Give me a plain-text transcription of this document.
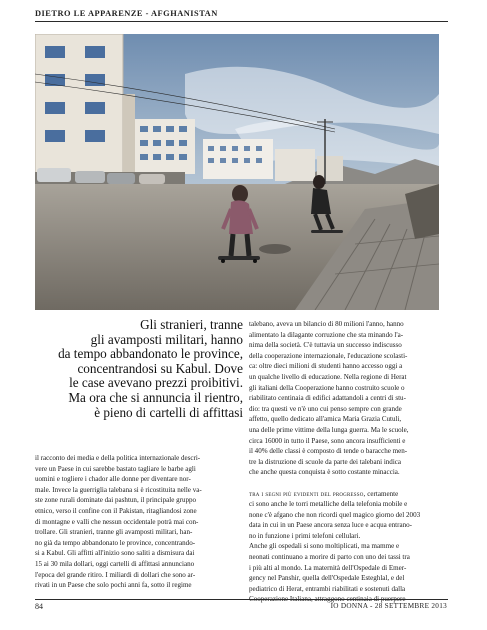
DIETRO LE APPARENZE - AFGHANISTAN

Gli stranieri, tranne

gli avamposti militari, hanno

da tempo abbandonato le province,

concentrandosi su Kabul. Dove

le case avevano prezzi proibitivi.

Ma ora che si annuncia il rientro,

è pieno di cartelli di affittasi

il racconto dei media e della politica internazionale descri-

vere un Paese in cui sarebbe bastato tagliare le barbe agli

uomini e togliere i chador alle donne per diventare nor-

male. Invece la guerriglia talebana si è ricostituita nelle va-

ste zone rurali dominate dai pashtun, il principale gruppo

etnico, verso il confine con il Pakistan, ritagliandosi zone

di montagne e valli che nessun occidentale potrà mai con-

trollare. Gli stranieri, tranne gli avamposti militari, han-

no già da tempo abbandonato le province, concentrando-

si a Kabul. Gli affitti all'inizio sono saliti a dismisura dai

15 ai 30 mila dollari, oggi cartelli di affittasi annunciano

l'epoca del grande ritiro. I miliardi di dollari che sono ar-

rivati in un Paese che solo pochi anni fa, sotto il regime

talebano, aveva un bilancio di 80 milioni l'anno, hanno

alimentato la dilagante corruzione che sta minando l'a-

nima della società. C'è tuttavia un successo indiscusso

della cooperazione internazionale, l'educazione scolasti-

ca: oltre dieci milioni di studenti hanno accesso oggi a

un qualche livello di educazione. Nella regione di Herat

gli italiani della Cooperazione hanno costruito scuole o

riabilitato centinaia di edifici adattandoli a centri di stu-

dio: tra questi ve n'è uno cui penso sempre con grande

affetto, quello dedicato all'amica Maria Grazia Cutuli,

una delle prime vittime della lunga guerra. Ma le scuole,

circa 16000 in tutto il Paese, sono ancora insufficienti e

il 40% delle classi è composto di tende o baracche men-

tre la distruzione di scuole da parte dei talebani indica

che anche questa conquista è sotto costante minaccia.

tra i segni più evidenti del progresso, certamente

ci sono anche le torri metalliche della telefonia mobile e

none c'è afgano che non ricordi quel magico giorno del 2003

data in cui in un Paese ancora senza luce e acqua entrano-

no in funzione i primi telefoni cellulari.

Anche gli ospedali si sono moltiplicati, ma mamme e

neonati continuano a morire di parto con uno dei tassi tra

i più alti al mondo. La maternità dell'Ospedale di Emer-

gency nel Panshir, quella dell'Ospedale Esteghlal, e del

pediatrico di Herat, entrambi riabilitati e sostenuti dalla

Cooperazione Italiana, attraggono centinaia di puerpere

84	IO DONNA - 28 SETTEMBRE 2013
